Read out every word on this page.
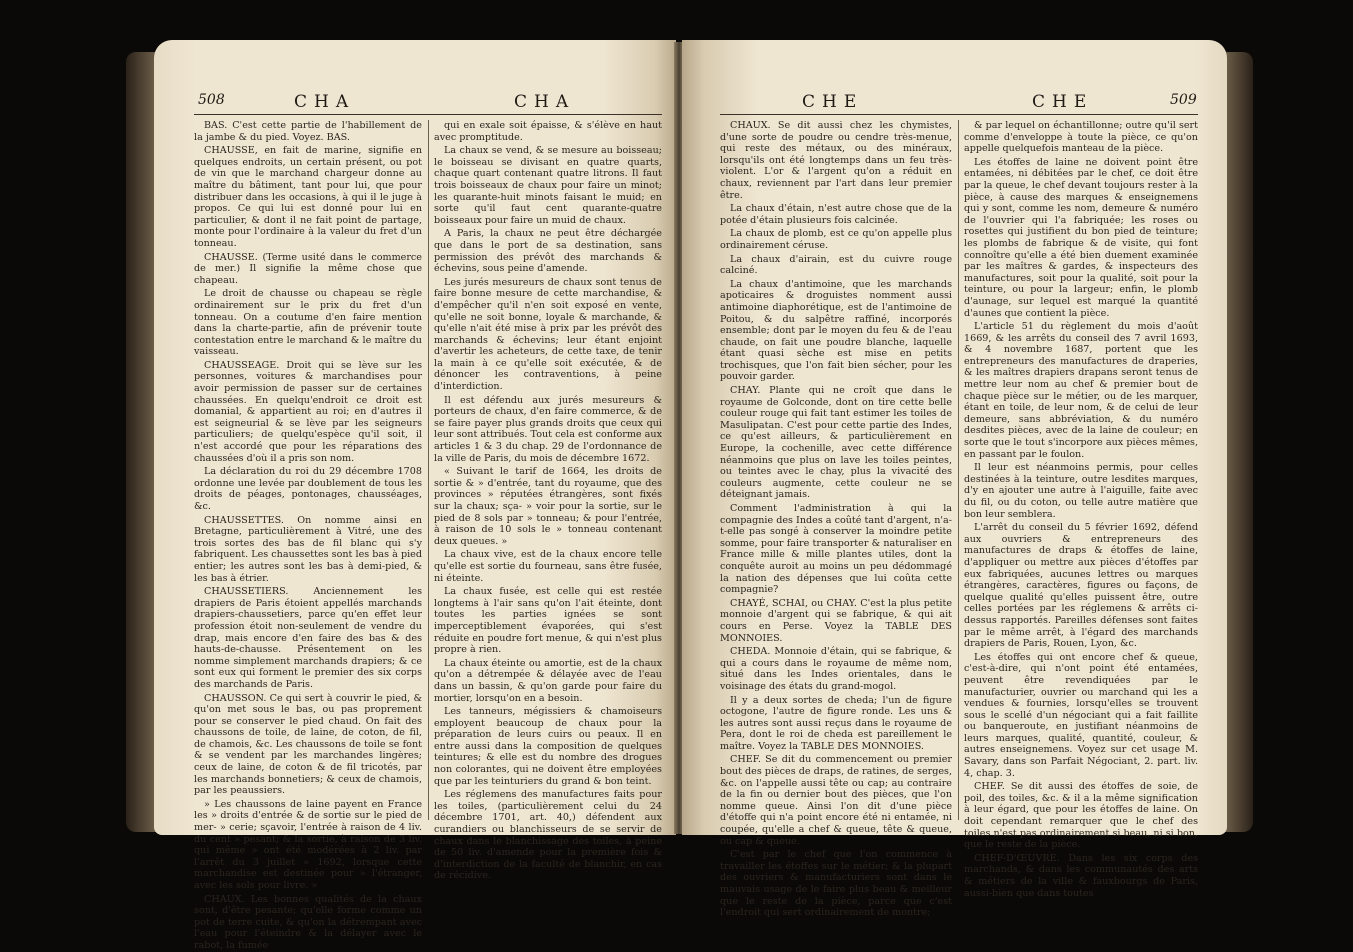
508	CHA	CHA

BAS. C'est cette partie de l'habillement de la jambe & du pied. Voyez. BAS.

CHAUSSE, en fait de marine, signifie en quelques endroits, un certain présent, ou pot de vin que le marchand chargeur donne au maître du bâtiment, tant pour lui, que pour distribuer dans les occasions, à qui il le juge à propos. Ce qui lui est donné pour lui en particulier, & dont il ne fait point de partage, monte pour l'ordinaire à la valeur du fret d'un tonneau.

CHAUSSE. (Terme usité dans le commerce de mer.) Il signifie la même chose que chapeau.

Le droit de chausse ou chapeau se règle ordinairement sur le prix du fret d'un tonneau. On a coutume d'en faire mention dans la charte-partie, afin de prévenir toute contestation entre le marchand & le maître du vaisseau.

CHAUSSEAGE. Droit qui se lève sur les personnes, voitures & marchandises pour avoir permission de passer sur de certaines chaussées. En quelqu'endroit ce droit est domanial, & appartient au roi; en d'autres il est seigneurial & se lève par les seigneurs particuliers; de quelqu'espèce qu'il soit, il n'est accordé que pour les réparations des chaussées d'où il a pris son nom.

La déclaration du roi du 29 décembre 1708 ordonne une levée par doublement de tous les droits de péages, pontonages, chausséages, &c.

CHAUSSETTES. On nomme ainsi en Bretagne, particulièrement à Vitré, une des trois sortes des bas de fil blanc qui s'y fabriquent. Les chaussettes sont les bas à pied entier; les autres sont les bas à demi-pied, & les bas à étrier.

CHAUSSETIERS. Anciennement les drapiers de Paris étoient appellés marchands drapiers-chaussetiers, parce qu'en effet leur profession étoit non-seulement de vendre du drap, mais encore d'en faire des bas & des hauts-de-chausse. Présentement on les nomme simplement marchands drapiers; & ce sont eux qui forment le premier des six corps des marchands de Paris.

CHAUSSON. Ce qui sert à couvrir le pied, & qu'on met sous le bas, ou pas proprement pour se conserver le pied chaud. On fait des chaussons de toile, de laine, de coton, de fil, de chamois, &c. Les chaussons de toile se font & se vendent par les marchandes lingères; ceux de laine, de coton & de fil tricotés, par les marchands bonnetiers; & ceux de chamois, par les peaussiers.

» Les chaussons de laine payent en France les » droits d'entrée & de sortie sur le pied de mer- » cerie; sçavoir, l'entrée à raison de 4 liv. du cent » pesant; & la sortie, à raison de 3 liv. qui même » ont été modérées à 2 liv. par l'arrêt du 3 juillet » 1692, lorsque cette marchandise est destinée pour » l'étranger, avec les sols pour livre. »

CHAUX. Les bonnes qualités de la chaux sont, d'être pesante; qu'elle forme comme un pot de terre cuite, & qu'on la détrempant avec l'eau pour l'éteindre & la délayer avec le rabot, la fumée

qui en exale soit épaisse, & s'élève en haut avec promptitude.

La chaux se vend, & se mesure au boisseau; le boisseau se divisant en quatre quarts, chaque quart contenant quatre litrons. Il faut trois boisseaux de chaux pour faire un minot; les quarante-huit minots faisant le muid; en sorte qu'il faut cent quarante-quatre boisseaux pour faire un muid de chaux.

A Paris, la chaux ne peut être déchargée que dans le port de sa destination, sans permission des prévôt des marchands & échevins, sous peine d'amende.

Les jurés mesureurs de chaux sont tenus de faire bonne mesure de cette marchandise, & d'empêcher qu'il n'en soit exposé en vente, qu'elle ne soit bonne, loyale & marchande, & qu'elle n'ait été mise à prix par les prévôt des marchands & échevins; leur étant enjoint d'avertir les acheteurs, de cette taxe, de tenir la main à ce qu'elle soit exécutée, & de dénoncer les contraventions, à peine d'interdiction.

Il est défendu aux jurés mesureurs & porteurs de chaux, d'en faire commerce, & de se faire payer plus grands droits que ceux qui leur sont attribués. Tout cela est conforme aux articles 1 & 3 du chap. 29 de l'ordonnance de la ville de Paris, du mois de décembre 1672.

« Suivant le tarif de 1664, les droits de sortie & » d'entrée, tant du royaume, que des provinces » réputées étrangères, sont fixés sur la chaux; sça- » voir pour la sortie, sur le pied de 8 sols par » tonneau; & pour l'entrée, à raison de 10 sols le » tonneau contenant deux queues. »

La chaux vive, est de la chaux encore telle qu'elle est sortie du fourneau, sans être fusée, ni éteinte.

La chaux fusée, est celle qui est restée longtems à l'air sans qu'on l'ait éteinte, dont toutes les parties ignées se sont imperceptiblement évaporées, qui s'est réduite en poudre fort menue, & qui n'est plus propre à rien.

La chaux éteinte ou amortie, est de la chaux qu'on a détrempée & délayée avec de l'eau dans un bassin, & qu'on garde pour faire du mortier, lorsqu'on en a besoin.

Les tanneurs, mégissiers & chamoiseurs employent beaucoup de chaux pour la préparation de leurs cuirs ou peaux. Il en entre aussi dans la composition de quelques teintures; & elle est du nombre des drogues non colorantes, qui ne doivent être employées que par les teinturiers du grand & bon teint.

Les réglemens des manufactures faits pour les toiles, (particulièrement celui du 24 décembre 1701, art. 40,) défendent aux curandiers ou blanchisseurs de se servir de chaux dans le blanchissage des toiles, à peine de 50 liv. d'amende pour la première fois & d'interdiction de la faculté de blanchir, en cas de récidive.

CHE	CHE	509

CHAUX. Se dit aussi chez les chymistes, d'une sorte de poudre ou cendre très-menue, qui reste des métaux, ou des minéraux, lorsqu'ils ont été longtemps dans un feu très-violent. L'or & l'argent qu'on a réduit en chaux, reviennent par l'art dans leur premier être.

La chaux d'étain, n'est autre chose que de la potée d'étain plusieurs fois calcinée.

La chaux de plomb, est ce qu'on appelle plus ordinairement céruse.

La chaux d'airain, est du cuivre rouge calciné.

La chaux d'antimoine, que les marchands apoticaires & droguistes nomment aussi antimoine diaphorétique, est de l'antimoine de Poitou, & du salpêtre raffiné, incorporés ensemble; dont par le moyen du feu & de l'eau chaude, on fait une poudre blanche, laquelle étant quasi sèche est mise en petits trochisques, que l'on fait bien sécher, pour les pouvoir garder.

CHAY. Plante qui ne croît que dans le royaume de Golconde, dont on tire cette belle couleur rouge qui fait tant estimer les toiles de Masulipatan. C'est pour cette partie des Indes, ce qu'est ailleurs, & particulièrement en Europe, la cochenille, avec cette différence néanmoins que plus on lave les toiles peintes, ou teintes avec le chay, plus la vivacité des couleurs augmente, cette couleur ne se déteignant jamais.

Comment l'administration à qui la compagnie des Indes a coûté tant d'argent, n'a-t-elle pas songé à conserver la moindre petite somme, pour faire transporter & naturaliser en France mille & mille plantes utiles, dont la conquête auroit au moins un peu dédommagé la nation des dépenses que lui coûta cette compagnie?

CHAYÉ, SCHAI, ou CHAY. C'est la plus petite monnoie d'argent qui se fabrique, & qui ait cours en Perse. Voyez la TABLE DES MONNOIES.

CHEDA. Monnoie d'étain, qui se fabrique, & qui a cours dans le royaume de même nom, situé dans les Indes orientales, dans le voisinage des états du grand-mogol.

Il y a deux sortes de cheda; l'un de figure octogone, l'autre de figure ronde. Les uns & les autres sont aussi reçus dans le royaume de Pera, dont le roi de cheda est pareillement le maître. Voyez la TABLE DES MONNOIES.

CHEF. Se dit du commencement ou premier bout des pièces de draps, de ratines, de serges, &c. on l'appelle aussi tête ou cap; au contraire de la fin ou dernier bout des pièces, que l'on nomme queue. Ainsi l'on dit d'une pièce d'étoffe qui n'a point encore été ni entamée, ni coupée, qu'elle a chef & queue, tête & queue, ou cap & queue.

C'est par le chef que l'on commence à travailler les étoffes sur le métier; & la plupart des ouvriers & manufacturiers sont dans le mauvais usage de le faire plus beau & meilleur que le reste de la pièce, parce que c'est l'endroit qui sert ordinairement de montre;

& par lequel on échantillonne; outre qu'il sert comme d'enveloppe à toute la pièce, ce qu'on appelle quelquefois manteau de la pièce.

Les étoffes de laine ne doivent point être entamées, ni débitées par le chef, ce doit être par la queue, le chef devant toujours rester à la pièce, à cause des marques & enseignemens qui y sont, comme les nom, demeure & numéro de l'ouvrier qui l'a fabriquée; les roses ou rosettes qui justifient du bon pied de teinture; les plombs de fabrique & de visite, qui font connoître qu'elle a été bien duement examinée par les maîtres & gardes, & inspecteurs des manufactures, soit pour la qualité, soit pour la teinture, ou pour la largeur; enfin, le plomb d'aunage, sur lequel est marqué la quantité d'aunes que contient la pièce.

L'article 51 du règlement du mois d'août 1669, & les arrêts du conseil des 7 avril 1693, & 4 novembre 1687, portent que les entrepreneurs des manufactures de draperies, & les maîtres drapiers drapans seront tenus de mettre leur nom au chef & premier bout de chaque pièce sur le métier, ou de les marquer, étant en toile, de leur nom, & de celui de leur demeure, sans abbréviation, & du numéro desdites pièces, avec de la laine de couleur; en sorte que le tout s'incorpore aux pièces mêmes, en passant par le foulon.

Il leur est néanmoins permis, pour celles destinées à la teinture, outre lesdites marques, d'y en ajouter une autre à l'aiguille, faite avec du fil, ou du coton, ou telle autre matière que bon leur semblera.

L'arrêt du conseil du 5 février 1692, défend aux ouvriers & entrepreneurs des manufactures de draps & étoffes de laine, d'appliquer ou mettre aux pièces d'étoffes par eux fabriquées, aucunes lettres ou marques étrangères, caractères, figures ou façons, de quelque qualité qu'elles puissent être, outre celles portées par les réglemens & arrêts ci-dessus rapportés. Pareilles défenses sont faites par le même arrêt, à l'égard des marchands drapiers de Paris, Rouen, Lyon, &c.

Les étoffes qui ont encore chef & queue, c'est-à-dire, qui n'ont point été entamées, peuvent être revendiquées par le manufacturier, ouvrier ou marchand qui les a vendues & fournies, lorsqu'elles se trouvent sous le scellé d'un négociant qui a fait faillite ou banqueroute, en justifiant néanmoins de leurs marques, qualité, quantité, couleur, & autres enseignemens. Voyez sur cet usage M. Savary, dans son Parfait Négociant, 2. part. liv. 4, chap. 3.

CHEF. Se dit aussi des étoffes de soie, de poil, des toiles, &c. & il a la même signification à leur égard, que pour les étoffes de laine. On doit cependant remarquer que le chef des toiles n'est pas ordinairement si beau, ni si bon, que le reste de la pièce.

CHEF-D'ŒUVRE. Dans les six corps des marchands, & dans les communautés des arts & métiers de la ville & fauxbourgs de Paris, aussi-bien que dans toutes
